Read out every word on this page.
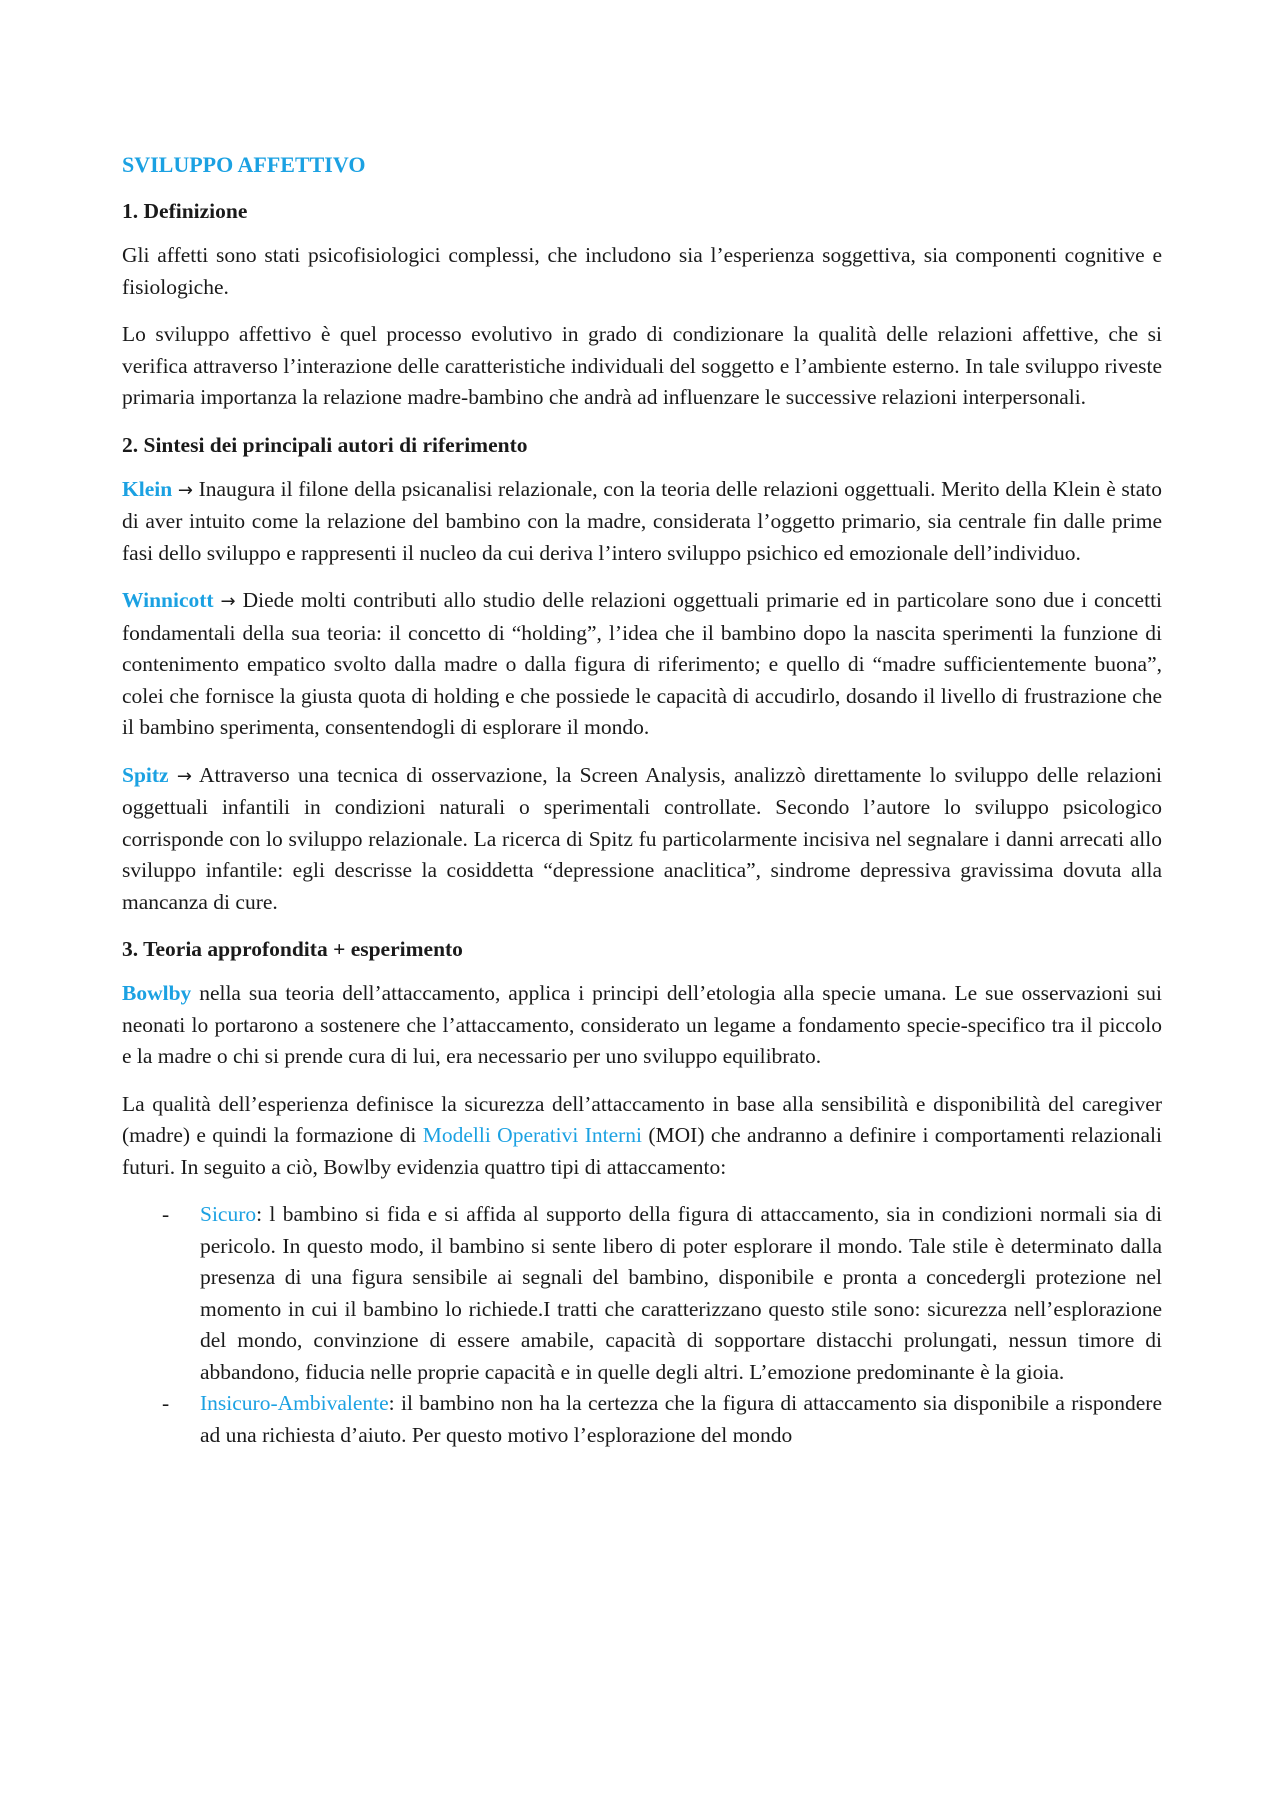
SVILUPPO AFFETTIVO
1. Definizione

Gli affetti sono stati psicofisiologici complessi, che includono sia l’esperienza soggettiva, sia componenti cognitive e fisiologiche.

Lo sviluppo affettivo è quel processo evolutivo in grado di condizionare la qualità delle relazioni affettive, che si verifica attraverso l’interazione delle caratteristiche individuali del soggetto e l’ambiente esterno. In tale sviluppo riveste primaria importanza la relazione madre-bambino che andrà ad influenzare le successive relazioni interpersonali.

2. Sintesi dei principali autori di riferimento

Klein → Inaugura il filone della psicanalisi relazionale, con la teoria delle relazioni oggettuali. Merito della Klein è stato di aver intuito come la relazione del bambino con la madre, considerata l’oggetto primario, sia centrale fin dalle prime fasi dello sviluppo e rappresenti il nucleo da cui deriva l’intero sviluppo psichico ed emozionale dell’individuo.

Winnicott → Diede molti contributi allo studio delle relazioni oggettuali primarie ed in particolare sono due i concetti fondamentali della sua teoria: il concetto di “holding”, l’idea che il bambino dopo la nascita sperimenti la funzione di contenimento empatico svolto dalla madre o dalla figura di riferimento; e quello di “madre sufficientemente buona”, colei che fornisce la giusta quota di holding e che possiede le capacità di accudirlo, dosando il livello di frustrazione che il bambino sperimenta, consentendogli di esplorare il mondo.

Spitz → Attraverso una tecnica di osservazione, la Screen Analysis, analizzò direttamente lo sviluppo delle relazioni oggettuali infantili in condizioni naturali o sperimentali controllate. Secondo l’autore lo sviluppo psicologico corrisponde con lo sviluppo relazionale. La ricerca di Spitz fu particolarmente incisiva nel segnalare i danni arrecati allo sviluppo infantile: egli descrisse la cosiddetta “depressione anaclitica”, sindrome depressiva gravissima dovuta alla mancanza di cure.

3. Teoria approfondita + esperimento

Bowlby nella sua teoria dell’attaccamento, applica i principi dell’etologia alla specie umana. Le sue osservazioni sui neonati lo portarono a sostenere che l’attaccamento, considerato un legame a fondamento specie-specifico tra il piccolo e la madre o chi si prende cura di lui, era necessario per uno sviluppo equilibrato.

La qualità dell’esperienza definisce la sicurezza dell’attaccamento in base alla sensibilità e disponibilità del caregiver (madre) e quindi la formazione di Modelli Operativi Interni (MOI) che andranno a definire i comportamenti relazionali futuri. In seguito a ciò, Bowlby evidenzia quattro tipi di attaccamento:

- Sicuro: l bambino si fida e si affida al supporto della figura di attaccamento, sia in condizioni normali sia di pericolo. In questo modo, il bambino si sente libero di poter esplorare il mondo. Tale stile è determinato dalla presenza di una figura sensibile ai segnali del bambino, disponibile e pronta a concedergli protezione nel momento in cui il bambino lo richiede.I tratti che caratterizzano questo stile sono: sicurezza nell’esplorazione del mondo, convinzione di essere amabile, capacità di sopportare distacchi prolungati, nessun timore di abbandono, fiducia nelle proprie capacità e in quelle degli altri. L’emozione predominante è la gioia.
- Insicuro-Ambivalente: il bambino non ha la certezza che la figura di attaccamento sia disponibile a rispondere ad una richiesta d’aiuto. Per questo motivo l’esplorazione del mondo
